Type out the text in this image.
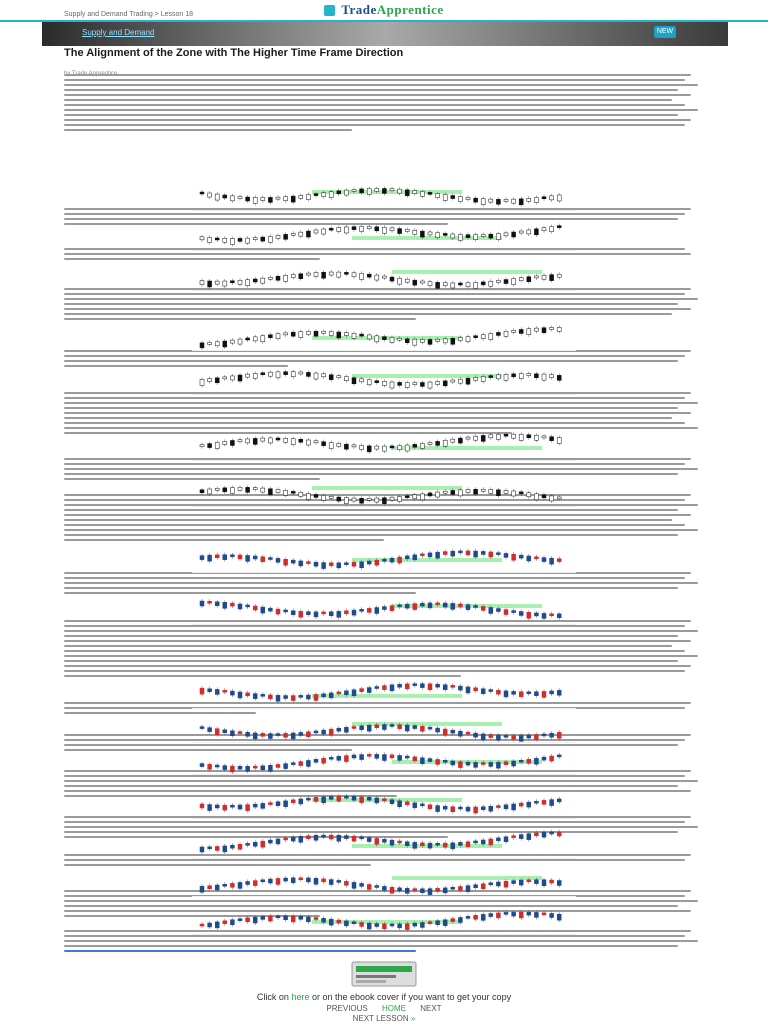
TradeApprentice
Supply and Demand Trading > Lesson 18
Supply and Demand	NEW
The Alignment of the Zone with The Higher Time Frame Direction
Click on here or on the ebook cover if you want to get your copy
PREVIOUS HOME NEXT
NEXT LESSON »
